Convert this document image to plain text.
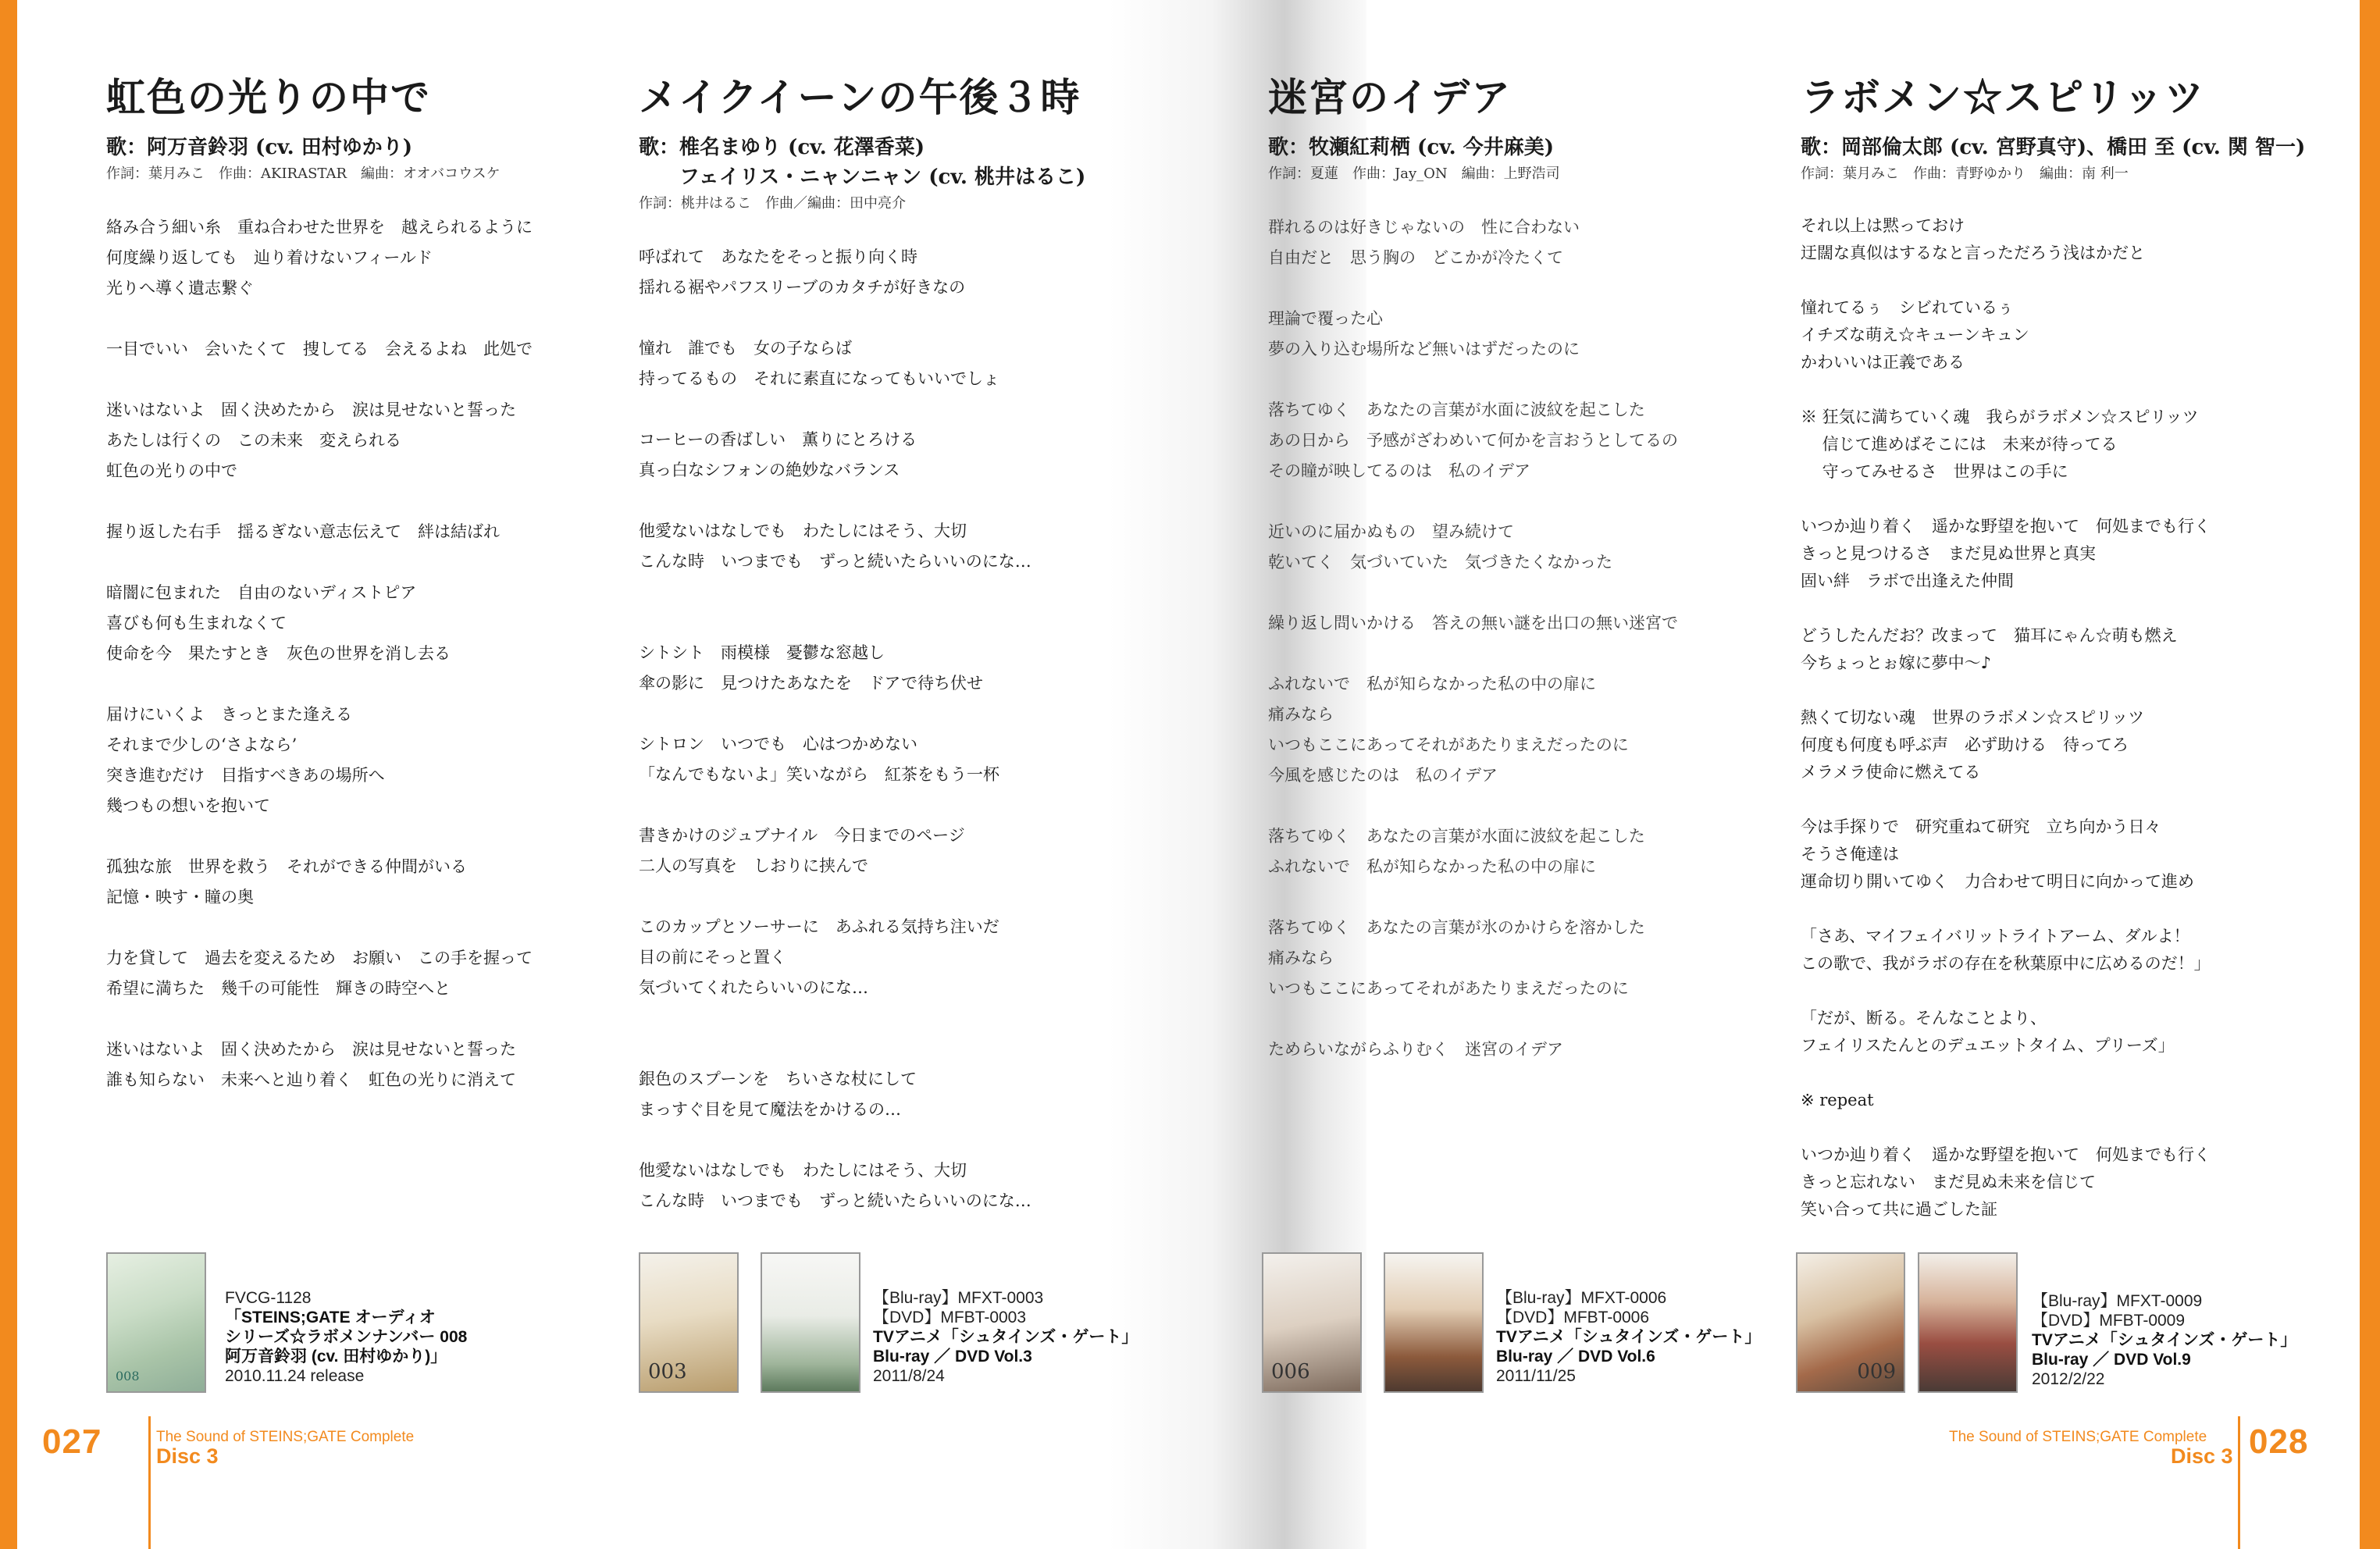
虹色の光りの中で
歌：阿万音鈴羽 (cv. 田村ゆかり)
作詞：葉月みこ　作曲：AKIRASTAR　編曲：オオバコウスケ
絡み合う細い糸　重ね合わせた世界を　越えられるように
何度繰り返しても　辿り着けないフィールド
光りへ導く遺志繋ぐ
一目でいい　会いたくて　捜してる　会えるよね　此処で
迷いはないよ　固く決めたから　涙は見せないと誓った
あたしは行くの　この未来　変えられる
虹色の光りの中で
握り返した右手　揺るぎない意志伝えて　絆は結ばれ
暗闇に包まれた　自由のないディストピア
喜びも何も生まれなくて
使命を今　果たすとき　灰色の世界を消し去る
届けにいくよ　きっとまた逢える
それまで少しの‘さよなら’
突き進むだけ　目指すべきあの場所へ
幾つもの想いを抱いて
孤独な旅　世界を救う　それができる仲間がいる
記憶・映す・瞳の奥
力を貸して　過去を変えるため　お願い　この手を握って
希望に満ちた　幾千の可能性　輝きの時空へと
迷いはないよ　固く決めたから　涙は見せないと誓った
誰も知らない　未来へと辿り着く　虹色の光りに消えて
メイクイーンの午後３時
歌：椎名まゆり (cv. 花澤香菜)
フェイリス・ニャンニャン (cv. 桃井はるこ)
作詞：桃井はるこ　作曲／編曲：田中亮介
呼ばれて　あなたをそっと振り向く時
揺れる裾やパフスリーブのカタチが好きなの
憧れ　誰でも　女の子ならば
持ってるもの　それに素直になってもいいでしょ
コーヒーの香ばしい　薫りにとろける
真っ白なシフォンの絶妙なバランス
他愛ないはなしでも　わたしにはそう、大切
こんな時　いつまでも　ずっと続いたらいいのにな…
シトシト　雨模様　憂鬱な窓越し
傘の影に　見つけたあなたを　ドアで待ち伏せ
シトロン　いつでも　心はつかめない
「なんでもないよ」笑いながら　紅茶をもう一杯
書きかけのジュブナイル　今日までのページ
二人の写真を　しおりに挟んで
このカップとソーサーに　あふれる気持ち注いだ
目の前にそっと置く
気づいてくれたらいいのにな…
銀色のスプーンを　ちいさな杖にして
まっすぐ目を見て魔法をかけるの…
他愛ないはなしでも　わたしにはそう、大切
こんな時　いつまでも　ずっと続いたらいいのにな…
迷宮のイデア
歌：牧瀬紅莉栖 (cv. 今井麻美)
作詞：夏蓮　作曲：Jay_ON　編曲：上野浩司
群れるのは好きじゃないの　性に合わない
自由だと　思う胸の　どこかが冷たくて
理論で覆った心
夢の入り込む場所など無いはずだったのに
落ちてゆく　あなたの言葉が水面に波紋を起こした
あの日から　予感がざわめいて何かを言おうとしてるの
その瞳が映してるのは　私のイデア
近いのに届かぬもの　望み続けて
乾いてく　気づいていた　気づきたくなかった
繰り返し問いかける　答えの無い謎を出口の無い迷宮で
ふれないで　私が知らなかった私の中の扉に
痛みなら
いつもここにあってそれがあたりまえだったのに
今風を感じたのは　私のイデア
落ちてゆく　あなたの言葉が水面に波紋を起こした
ふれないで　私が知らなかった私の中の扉に
落ちてゆく　あなたの言葉が氷のかけらを溶かした
痛みなら
いつもここにあってそれがあたりまえだったのに
ためらいながらふりむく　迷宮のイデア
ラボメン☆スピリッツ
歌：岡部倫太郎 (cv. 宮野真守)、橋田 至 (cv. 関 智一)
作詞：葉月みこ　作曲：青野ゆかり　編曲：南 利一
それ以上は黙っておけ
迂闊な真似はするなと言っただろう浅はかだと
憧れてるぅ　シビれているぅ
イチズな萌え☆キューンキュン
かわいいは正義である
※ 狂気に満ちていく魂　我らがラボメン☆スピリッツ
　 信じて進めばそこには　未来が待ってる
　 守ってみせるさ　世界はこの手に
いつか辿り着く　遥かな野望を抱いて　何処までも行く
きっと見つけるさ　まだ見ぬ世界と真実
固い絆　ラボで出逢えた仲間
どうしたんだお？改まって　猫耳にゃん☆萌も燃え
今ちょっとぉ嫁に夢中～♪
熱くて切ない魂　世界のラボメン☆スピリッツ
何度も何度も呼ぶ声　必ず助ける　待ってろ
メラメラ使命に燃えてる
今は手探りで　研究重ねて研究　立ち向かう日々
そうさ俺達は
運命切り開いてゆく　力合わせて明日に向かって進め
「さあ、マイフェイバリットライトアーム、ダルよ！
この歌で、我がラボの存在を秋葉原中に広めるのだ！」
「だが、断る。そんなことより、
フェイリスたんとのデュエットタイム、プリーズ」
※ repeat
いつか辿り着く　遥かな野望を抱いて　何処までも行く
きっと忘れない　まだ見ぬ未来を信じて
笑い合って共に過ごした証
008
FVCG-1128
「STEINS;GATE オーディオ
シリーズ☆ラボメンナンバー 008
阿万音鈴羽 (cv. 田村ゆかり)」
2010.11.24 release	003
【Blu-ray】MFXT-0003
【DVD】MFBT-0003
TVアニメ「シュタインズ・ゲート」
Blu-ray ／ DVD Vol.3
2011/8/24	006
【Blu-ray】MFXT-0006
【DVD】MFBT-0006
TVアニメ「シュタインズ・ゲート」
Blu-ray ／ DVD Vol.6
2011/11/25	009
【Blu-ray】MFXT-0009
【DVD】MFBT-0009
TVアニメ「シュタインズ・ゲート」
Blu-ray ／ DVD Vol.9
2012/2/22
027	The Sound of STEINS;GATE Complete
Disc 3
The Sound of STEINS;GATE Complete
Disc 3 028
